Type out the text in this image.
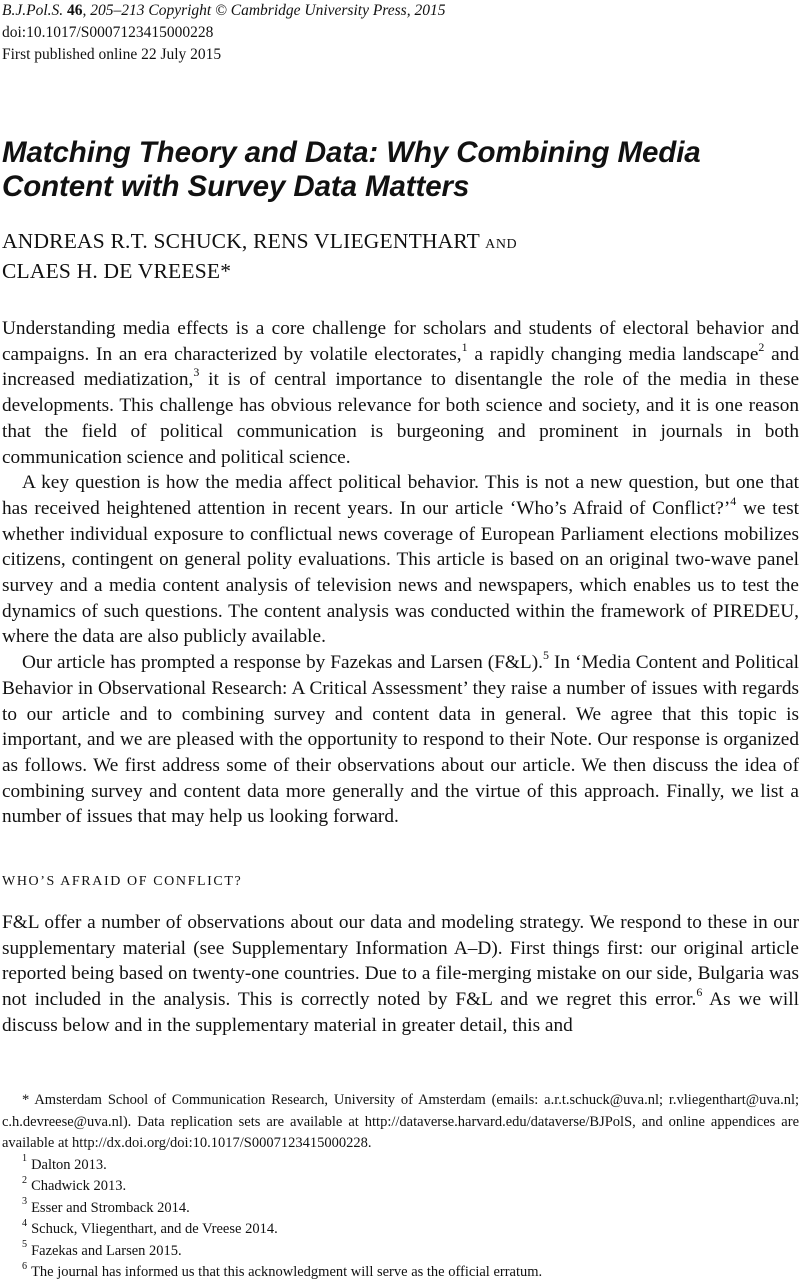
B.J.Pol.S. 46, 205–213 Copyright © Cambridge University Press, 2015
doi:10.1017/S0007123415000228
First published online 22 July 2015
Matching Theory and Data: Why Combining Media
Content with Survey Data Matters
ANDREAS R.T. SCHUCK, RENS VLIEGENTHART AND
CLAES H. DE VREESE*

Understanding media effects is a core challenge for scholars and students of electoral behavior and campaigns. In an era characterized by volatile electorates,$^1$ a rapidly changing media landscape$^2$ and increased mediatization,$^3$ it is of central importance to disentangle the role of the media in these developments. This challenge has obvious relevance for both science and society, and it is one reason that the field of political communication is burgeoning and prominent in journals in both communication science and political science.

A key question is how the media affect political behavior. This is not a new question, but one that has received heightened attention in recent years. In our article ‘Who’s Afraid of Conflict?’$^4$ we test whether individual exposure to conflictual news coverage of European Parliament elections mobilizes citizens, contingent on general polity evaluations. This article is based on an original two-wave panel survey and a media content analysis of television news and newspapers, which enables us to test the dynamics of such questions. The content analysis was conducted within the framework of PIREDEU, where the data are also publicly available.

Our article has prompted a response by Fazekas and Larsen (F&L).$^5$ In ‘Media Content and Political Behavior in Observational Research: A Critical Assessment’ they raise a number of issues with regards to our article and to combining survey and content data in general. We agree that this topic is important, and we are pleased with the opportunity to respond to their Note. Our response is organized as follows. We first address some of their observations about our article. We then discuss the idea of combining survey and content data more generally and the virtue of this approach. Finally, we list a number of issues that may help us looking forward.

WHO’S AFRAID OF CONFLICT?

F&L offer a number of observations about our data and modeling strategy. We respond to these in our supplementary material (see Supplementary Information A–D). First things first: our original article reported being based on twenty-one countries. Due to a file-merging mistake on our side, Bulgaria was not included in the analysis. This is correctly noted by F&L and we regret this error.$^6$ As we will discuss below and in the supplementary material in greater detail, this and

* Amsterdam School of Communication Research, University of Amsterdam (emails: a.r.t.schuck@uva.nl; r.vliegenthart@uva.nl; c.h.devreese@uva.nl). Data replication sets are available at http://dataverse.harvard.edu/dataverse/BJPolS, and online appendices are available at http://dx.doi.org/doi:10.1017/S0007123415000228.

$^1$ Dalton 2013.

$^2$ Chadwick 2013.

$^3$ Esser and Stromback 2014.

$^4$ Schuck, Vliegenthart, and de Vreese 2014.

$^5$ Fazekas and Larsen 2015.

$^6$ The journal has informed us that this acknowledgment will serve as the official erratum.
